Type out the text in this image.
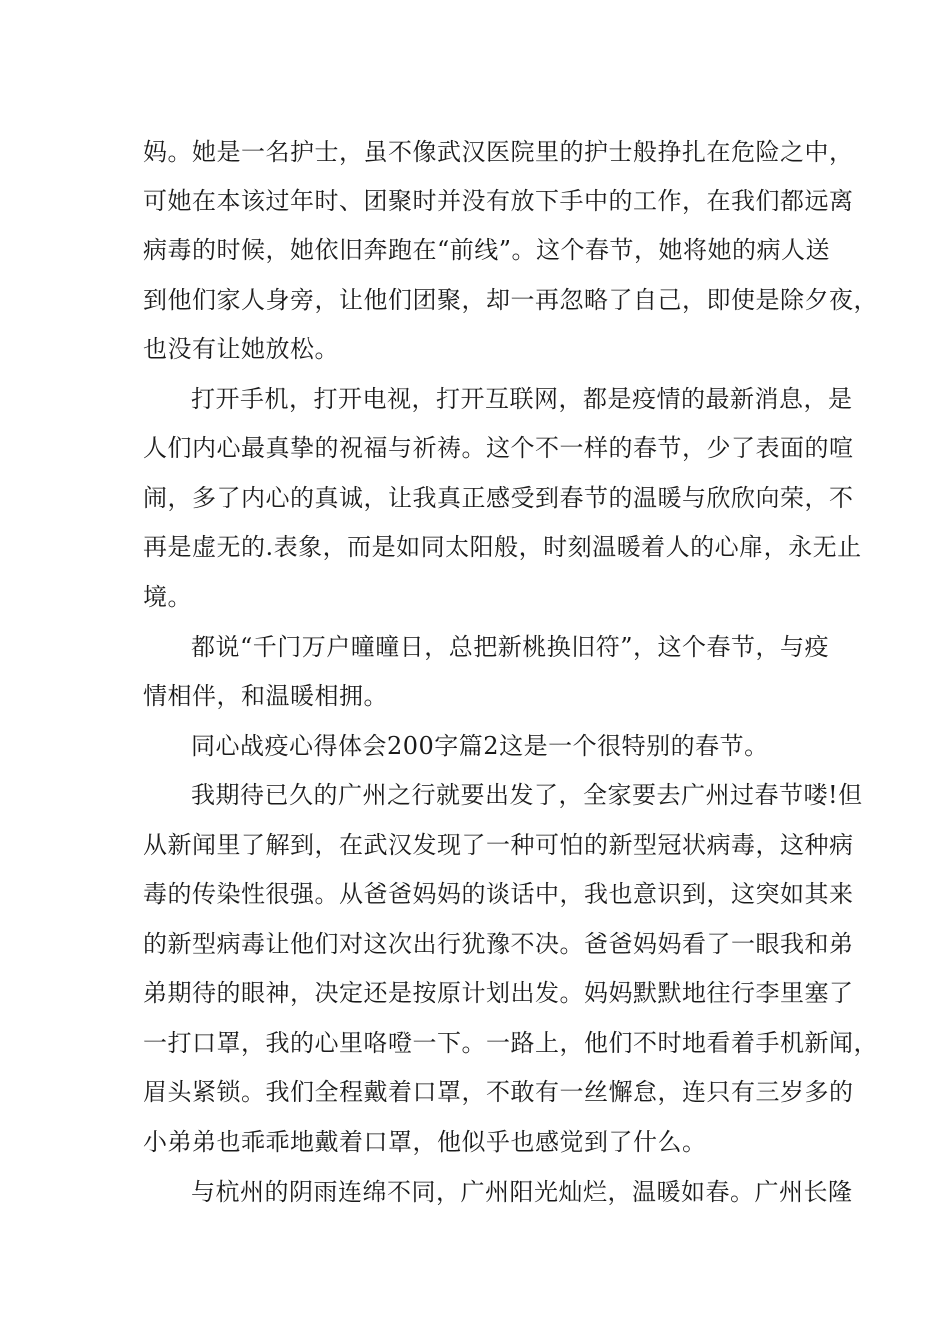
妈。她是一名护士，虽不像武汉医院里的护士般挣扎在危险之中，
可她在本该过年时、团聚时并没有放下手中的工作，在我们都远离
病毒的时候，她依旧奔跑在“前线”。这个春节，她将她的病人送
到他们家人身旁，让他们团聚，却一再忽略了自己，即使是除夕夜，
也没有让她放松。
打开手机，打开电视，打开互联网，都是疫情的最新消息，是
人们内心最真挚的祝福与祈祷。这个不一样的春节，少了表面的喧
闹，多了内心的真诚，让我真正感受到春节的温暖与欣欣向荣，不
再是虚无的.表象，而是如同太阳般，时刻温暖着人的心扉，永无止
境。
都说“千门万户曈曈日，总把新桃换旧符”，这个春节，与疫
情相伴，和温暖相拥。
同心战疫心得体会200字篇2这是一个很特别的春节。
我期待已久的广州之行就要出发了，全家要去广州过春节喽!但
从新闻里了解到，在武汉发现了一种可怕的新型冠状病毒，这种病
毒的传染性很强。从爸爸妈妈的谈话中，我也意识到，这突如其来
的新型病毒让他们对这次出行犹豫不决。爸爸妈妈看了一眼我和弟
弟期待的眼神，决定还是按原计划出发。妈妈默默地往行李里塞了
一打口罩，我的心里咯噔一下。一路上，他们不时地看着手机新闻，
眉头紧锁。我们全程戴着口罩，不敢有一丝懈怠，连只有三岁多的
小弟弟也乖乖地戴着口罩，他似乎也感觉到了什么。
与杭州的阴雨连绵不同，广州阳光灿烂，温暖如春。广州长隆
